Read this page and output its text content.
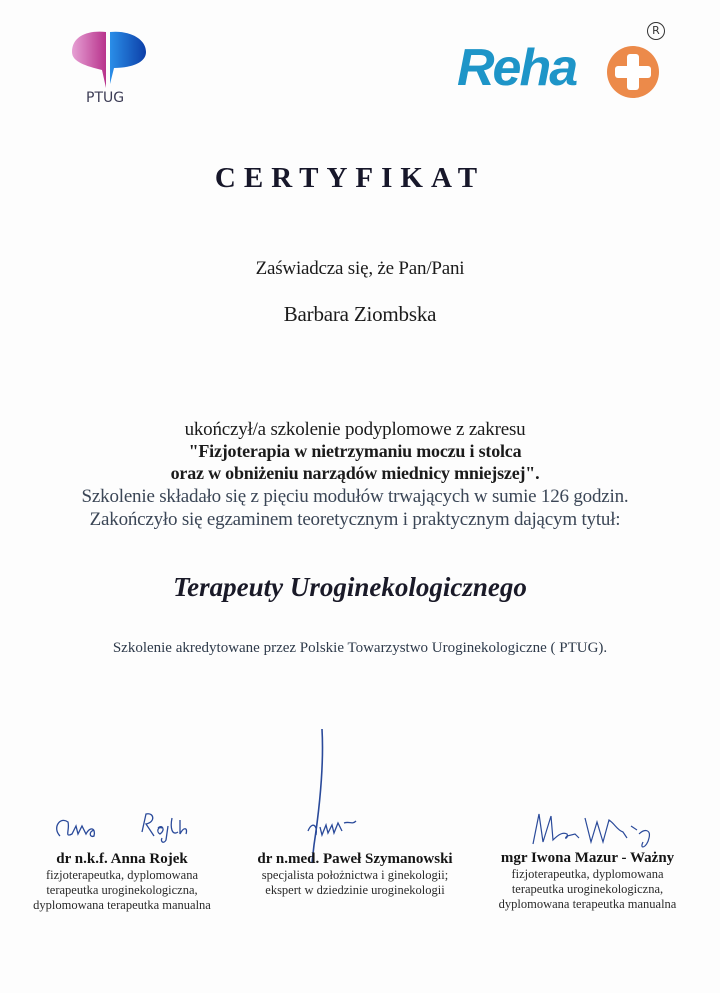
PTUG
Reha
R
CERTYFIKAT
Zaświadcza się, że Pan/Pani
Barbara Ziombska
ukończył/a szkolenie podyplomowe z zakresu
"Fizjoterapia w nietrzymaniu moczu i stolca
oraz w obniżeniu narządów miednicy mniejszej".
Szkolenie składało się z pięciu modułów trwających w sumie 126 godzin.
Zakończyło się egzaminem teoretycznym i praktycznym dającym tytuł:
Terapeuty Uroginekologicznego
Szkolenie akredytowane przez Polskie Towarzystwo Uroginekologiczne ( PTUG).
dr n.k.f. Anna Rojek
fizjoterapeutka, dyplomowana
terapeutka uroginekologiczna,
dyplomowana terapeutka manualna
dr n.med. Paweł Szymanowski
specjalista położnictwa i ginekologii;
ekspert w dziedzinie uroginekologii
mgr Iwona Mazur - Ważny
fizjoterapeutka, dyplomowana
terapeutka uroginekologiczna,
dyplomowana terapeutka manualna
